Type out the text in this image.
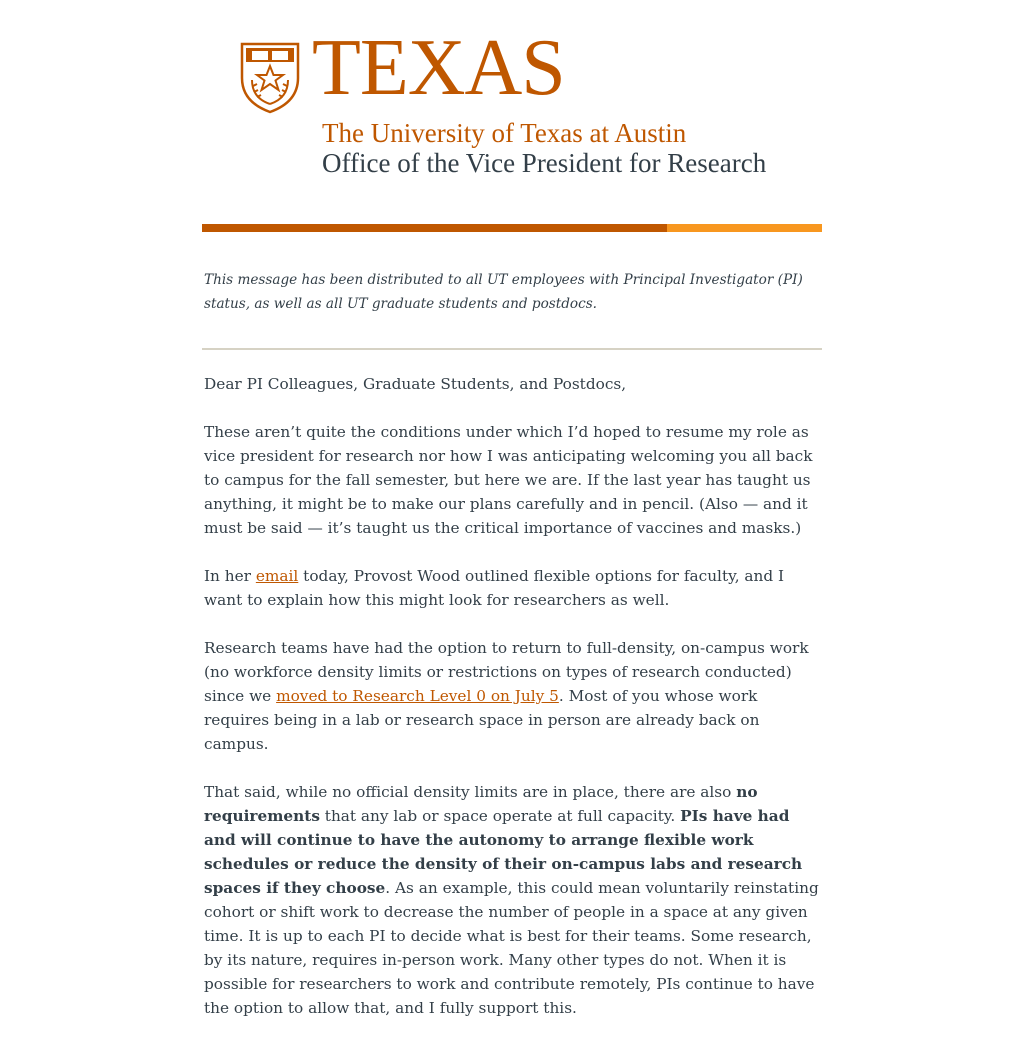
TEXAS
The University of Texas at Austin
Office of the Vice President for Research
This message has been distributed to all UT employees with Principal Investigator (PI) status, as well as all UT graduate students and postdocs.

Dear PI Colleagues, Graduate Students, and Postdocs,

These aren’t quite the conditions under which I’d hoped to resume my role as vice president for research nor how I was anticipating welcoming you all back to campus for the fall semester, but here we are. If the last year has taught us anything, it might be to make our plans carefully and in pencil. (Also — and it must be said — it’s taught us the critical importance of vaccines and masks.)

In her email today, Provost Wood outlined flexible options for faculty, and I want to explain how this might look for researchers as well.

Research teams have had the option to return to full-density, on-campus work (no workforce density limits or restrictions on types of research conducted) since we moved to Research Level 0 on July 5. Most of you whose work requires being in a lab or research space in person are already back on campus.

That said, while no official density limits are in place, there are also no requirements that any lab or space operate at full capacity. PIs have had and will continue to have the autonomy to arrange flexible work schedules or reduce the density of their on-campus labs and research spaces if they choose. As an example, this could mean voluntarily reinstating cohort or shift work to decrease the number of people in a space at any given time. It is up to each PI to decide what is best for their teams. Some research, by its nature, requires in-person work. Many other types do not. When it is possible for researchers to work and contribute remotely, PIs continue to have the option to allow that, and I fully support this.
